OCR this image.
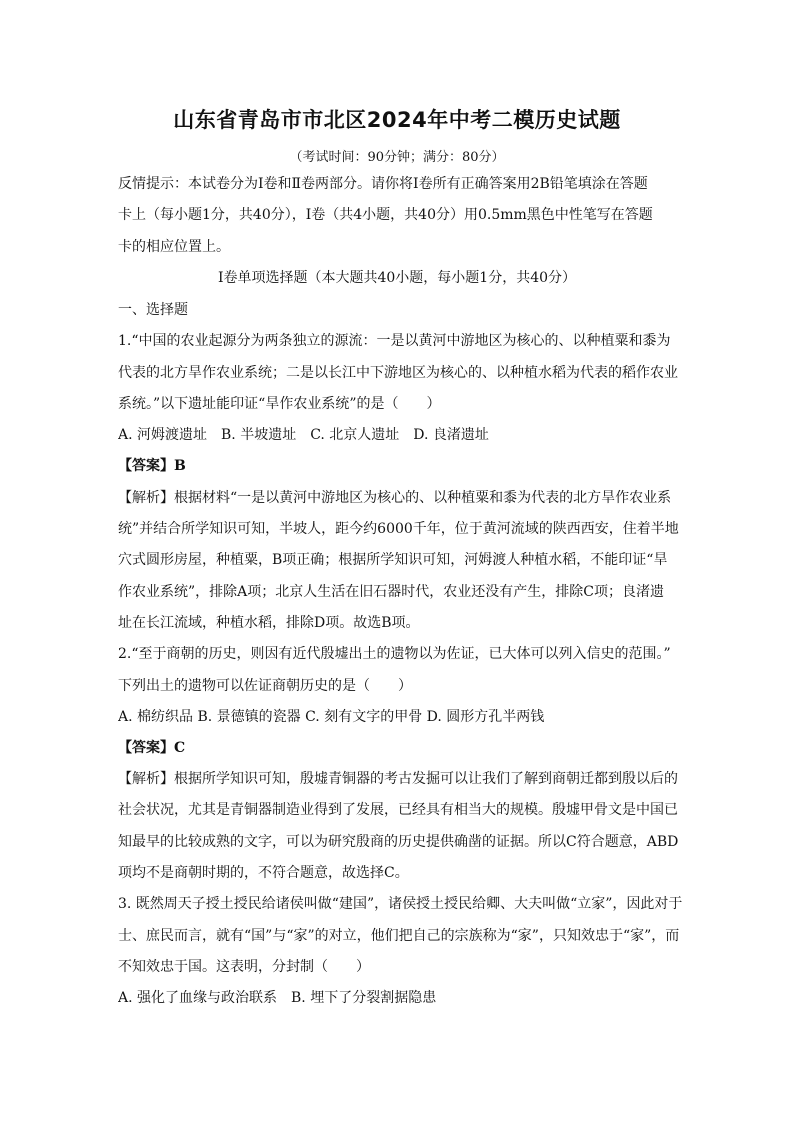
山东省青岛市市北区2024年中考二模历史试题
（考试时间：90分钟；满分：80分）
反情提示：本试卷分为Ⅰ卷和Ⅱ卷两部分。请你将Ⅰ卷所有正确答案用2B铅笔填涂在答题
卡上（每小题1分，共40分），Ⅰ卷（共4小题，共40分）用0.5mm黑色中性笔写在答题
卡的相应位置上。
Ⅰ卷单项选择题（本大题共40小题，每小题1分，共40分）
一、选择题
1.“中国的农业起源分为两条独立的源流：一是以黄河中游地区为核心的、以种植粟和黍为
代表的北方旱作农业系统；二是以长江中下游地区为核心的、以种植水稻为代表的稻作农业
系统。”以下遗址能印证“旱作农业系统”的是（　　）
A. 河姆渡遗址　B. 半坡遗址　C. 北京人遗址　D. 良渚遗址
【答案】B
【解析】根据材料“一是以黄河中游地区为核心的、以种植粟和黍为代表的北方旱作农业系
统”并结合所学知识可知，半坡人，距今约6000千年，位于黄河流域的陕西西安，住着半地
穴式圆形房屋，种植粟，B项正确；根据所学知识可知，河姆渡人种植水稻，不能印证“旱
作农业系统”，排除A项；北京人生活在旧石器时代，农业还没有产生，排除C项；良渚遗
址在长江流域，种植水稻，排除D项。故选B项。
2.“至于商朝的历史，则因有近代殷墟出土的遗物以为佐证，已大体可以列入信史的范围。”
下列出土的遗物可以佐证商朝历史的是（　　）
A. 棉纺织品 B. 景德镇的瓷器 C. 刻有文字的甲骨 D. 圆形方孔半两钱
【答案】C
【解析】根据所学知识可知，殷墟青铜器的考古发掘可以让我们了解到商朝迁都到殷以后的
社会状况，尤其是青铜器制造业得到了发展，已经具有相当大的规模。殷墟甲骨文是中国已
知最早的比较成熟的文字，可以为研究殷商的历史提供确凿的证据。所以C符合题意，ABD
项均不是商朝时期的，不符合题意，故选择C。
3. 既然周天子授土授民给诸侯叫做“建国”，诸侯授土授民给卿、大夫叫做“立家”，因此对于
士、庶民而言，就有“国”与“家”的对立，他们把自己的宗族称为“家”，只知效忠于“家”，而
不知效忠于国。这表明，分封制（　　）
A. 强化了血缘与政治联系　B. 埋下了分裂割据隐患
